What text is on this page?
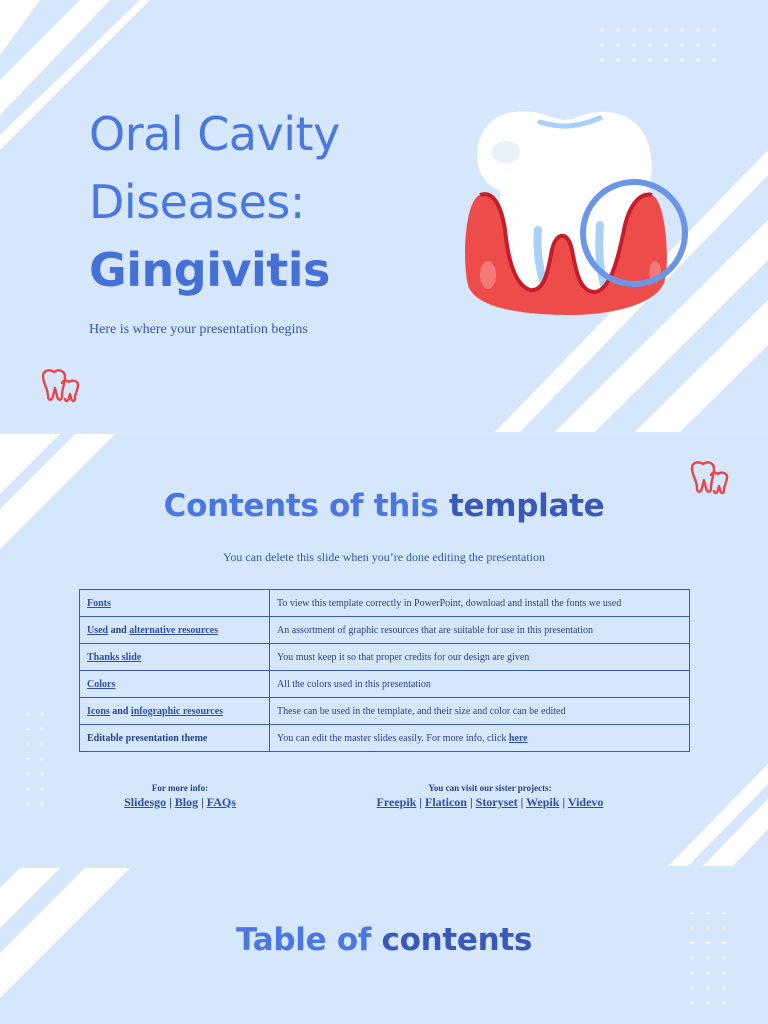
Oral Cavity
Diseases:
Gingivitis

Here is where your presentation begins

Contents of this template

You can delete this slide when you’re done editing the presentation

Fonts	To view this template correctly in PowerPoint, download and install the fonts we used
Used and alternative resources	An assortment of graphic resources that are suitable for use in this presentation
Thanks slide	You must keep it so that proper credits for our design are given
Colors	All the colors used in this presentation
Icons and infographic resources	These can be used in the template, and their size and color can be edited
Editable presentation theme	You can edit the master slides easily. For more info, click here

For more info:

Slidesgo | Blog | FAQs

You can visit our sister projects:

Freepik | Flaticon | Storyset | Wepik | Videvo

Table of contents
